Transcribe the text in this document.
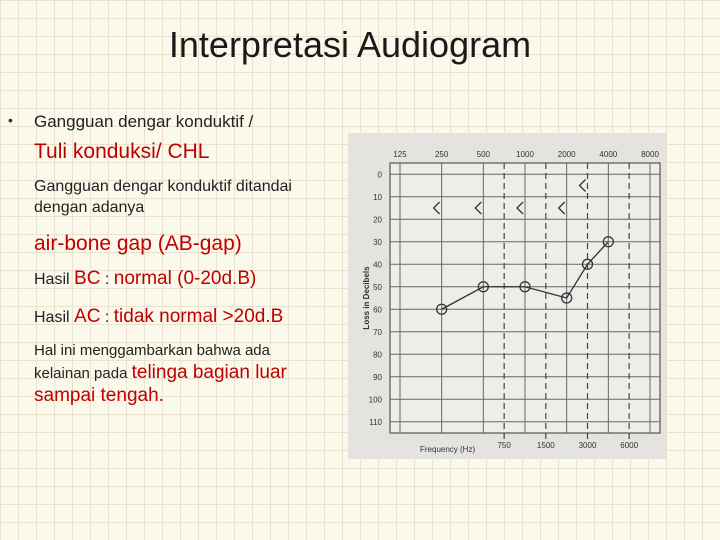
Interpretasi Audiogram
• Gangguan dengar konduktif /
Tuli konduksi/ CHL
Gangguan dengar konduktif ditandai
dengan adanya
air-bone gap (AB-gap)
Hasil BC : normal (0-20d.B)
Hasil AC : tidak normal >20d.B
Hal ini menggambarkan bahwa ada
kelainan pada telinga bagian luar
sampai tengah.
0
10
20
30
40
50
60
70
80
90
100
110
125	250	500	1000	2000	4000	8000
750	1500	3000	6000
Frequency (Hz)
Loss in Decibels
